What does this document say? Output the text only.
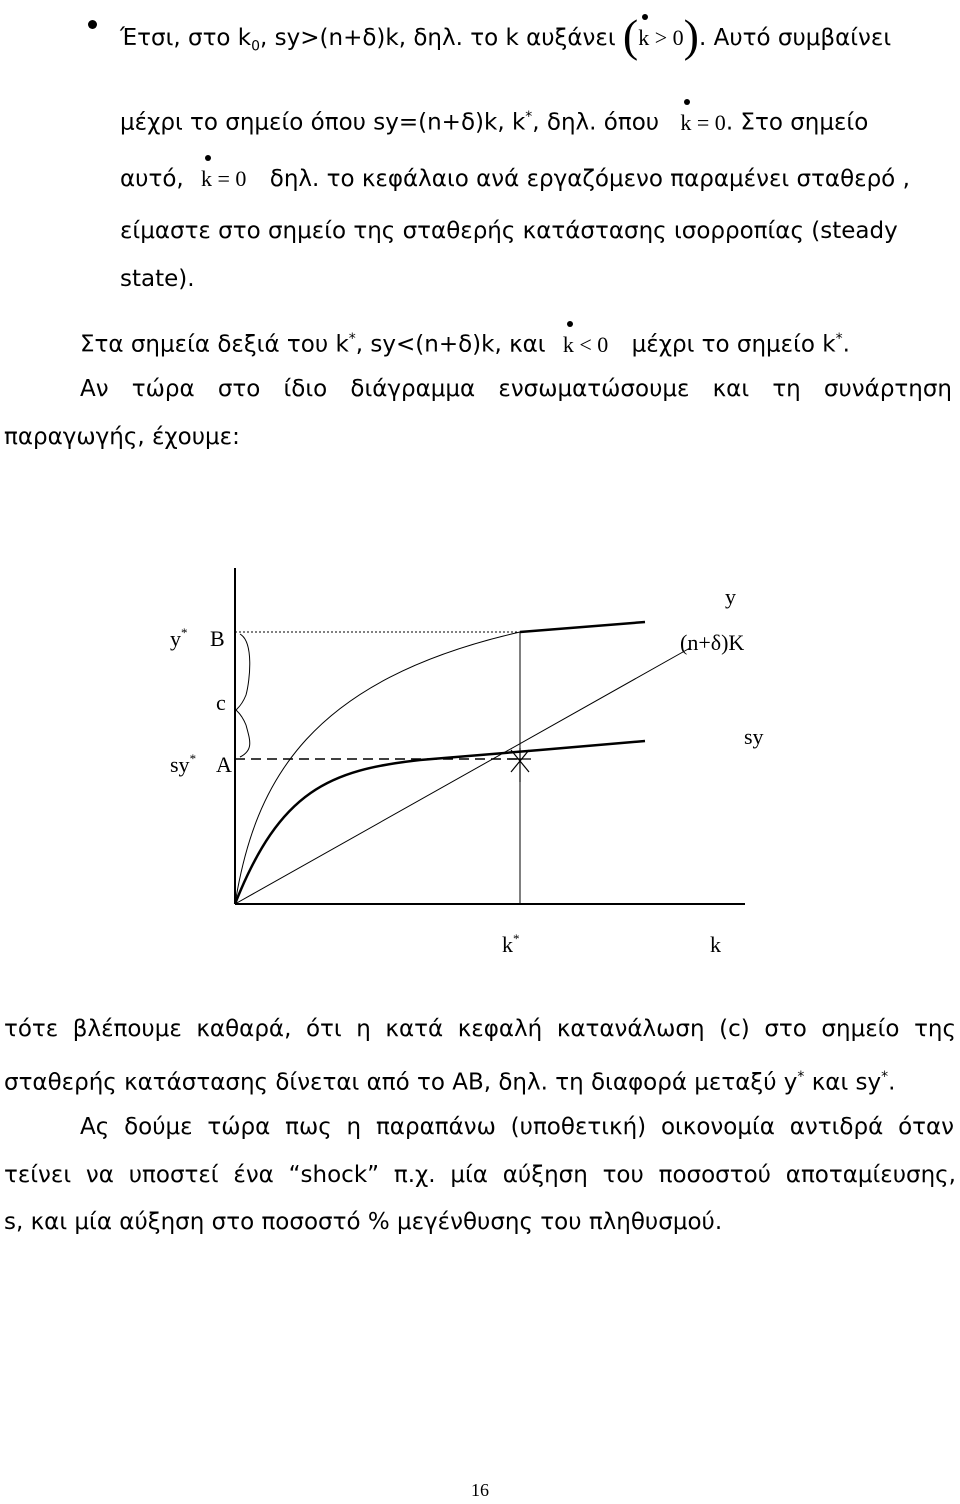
Έτσι, στο $k_0$, sy>(n+δ)k, δηλ. το k αυξάνει (k > 0). Αυτό συμβαίνει
μέχρι το σημείο όπου sy=(n+δ)k, k*, δηλ. όπου k = 0. Στο σημείο
αυτό, k = 0 δηλ. το κεφάλαιο ανά εργαζόμενο παραμένει σταθερό ,
είμαστε στο σημείο της σταθερής κατάστασης ισορροπίας (steady
state).
Στα σημεία δεξιά του k*, sy<(n+δ)k, και k < 0 μέχρι το σημείο k*.
Αν τώρα στο ίδιο διάγραμμα ενσωματώσουμε και τη συνάρτηση
παραγωγής, έχουμε:
y* B
c
sy* A
y
(n+δ)K
sy
k*	k
τότε βλέπουμε καθαρά, ότι η κατά κεφαλή κατανάλωση (c) στο σημείο της
σταθερής κατάστασης δίνεται από το ΑΒ, δηλ. τη διαφορά μεταξύ y* και sy*.
Ας δούμε τώρα πως η παραπάνω (υποθετική) οικονομία αντιδρά όταν
τείνει να υποστεί ένα “shock” π.χ. μία αύξηση του ποσοστού αποταμίευσης,
s, και μία αύξηση στο ποσοστό % μεγένθυσης του πληθυσμού.
16
